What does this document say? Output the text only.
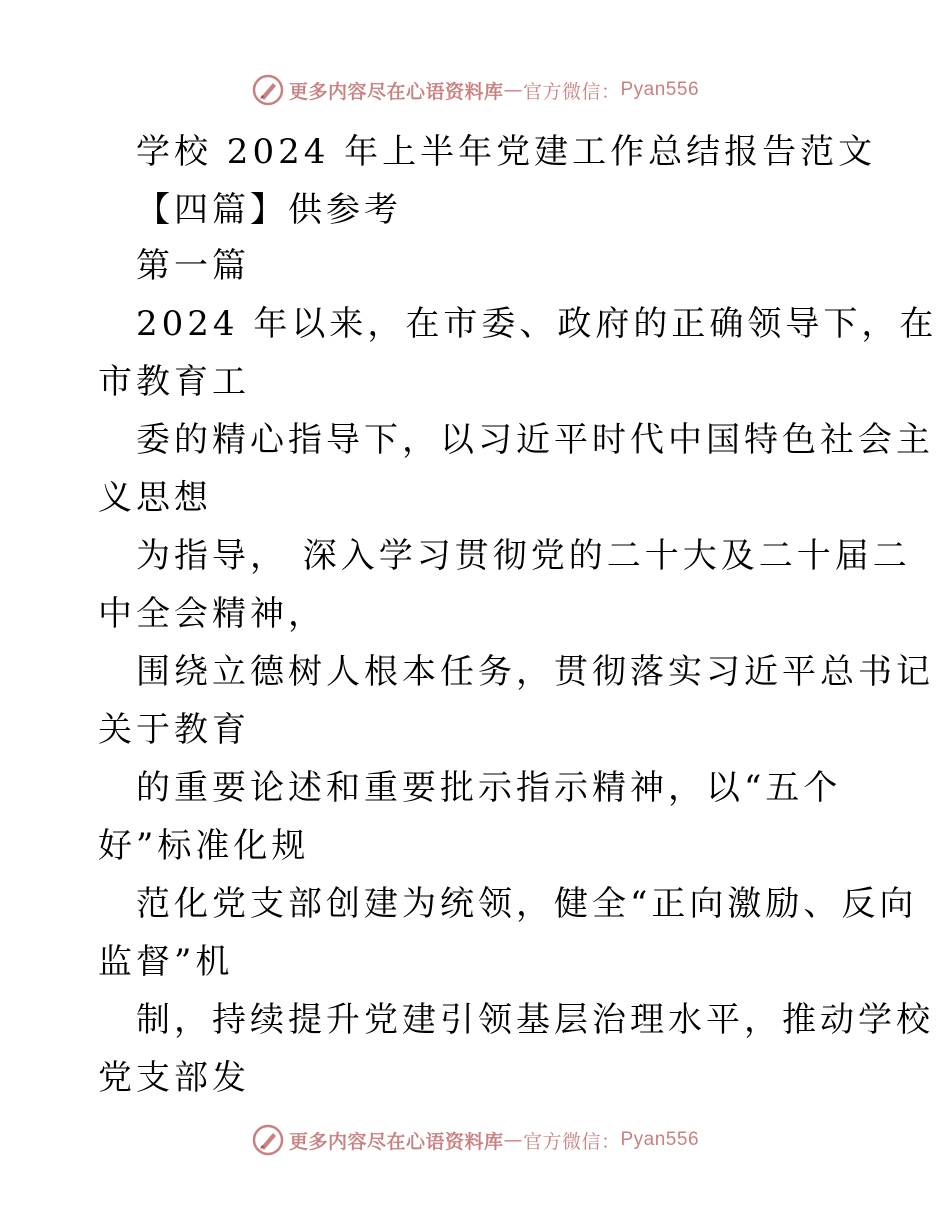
更多内容尽在心语资料库 — 官方微信： Pyan556
学校 2024 年上半年党建工作总结报告范文
【四篇】供参考
第一篇
2024 年以来，在市委、政府的正确领导下，在
市教育工
委的精心指导下，以习近平时代中国特色社会主
义思想
为指导， 深入学习贯彻党的二十大及二十届二
中全会精神，
围绕立德树人根本任务，贯彻落实习近平总书记
关于教育
的重要论述和重要批示指示精神，以“五个
好”标准化规
范化党支部创建为统领，健全“正向激励、反向
监督”机
制，持续提升党建引领基层治理水平，推动学校
党支部发
更多内容尽在心语资料库 — 官方微信： Pyan556
